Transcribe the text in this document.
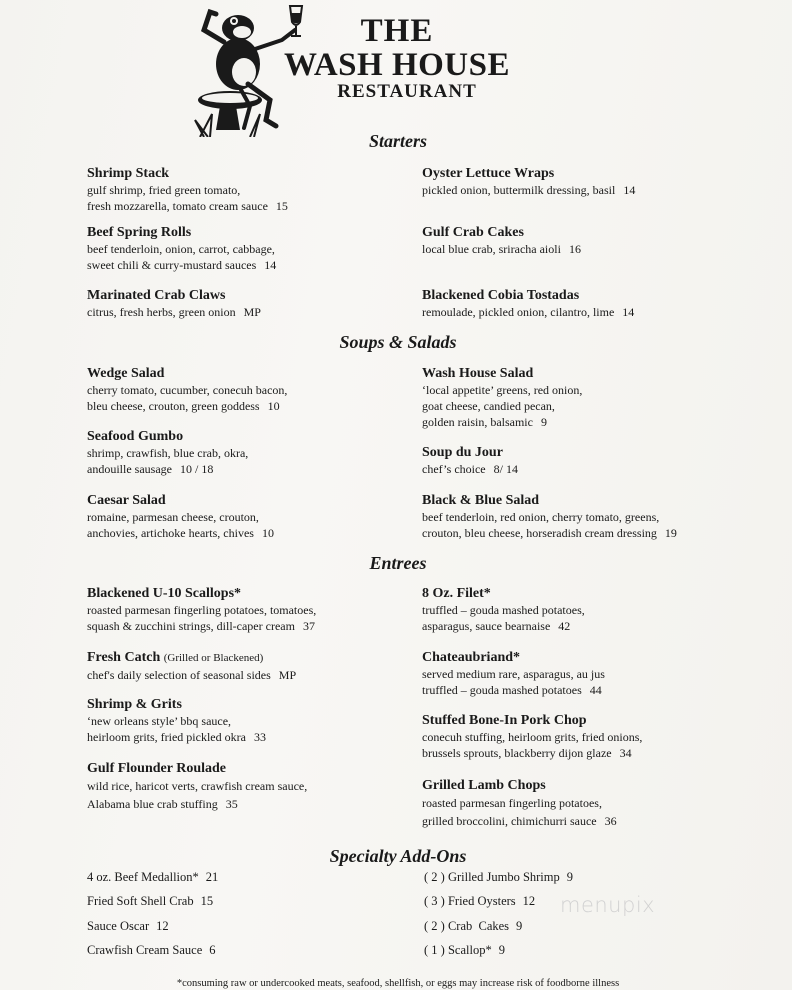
THE
WASH HOUSE
RESTAURANT
Starters
Shrimp Stack
gulf shrimp, fried green tomato,
fresh mozzarella, tomato cream sauce 15
Oyster Lettuce Wraps
pickled onion, buttermilk dressing, basil 14
Beef Spring Rolls
beef tenderloin, onion, carrot, cabbage,
sweet chili & curry-mustard sauces 14
Gulf Crab Cakes
local blue crab, sriracha aioli 16
Marinated Crab Claws
citrus, fresh herbs, green onion MP
Blackened Cobia Tostadas
remoulade, pickled onion, cilantro, lime 14
Soups & Salads
Wedge Salad
cherry tomato, cucumber, conecuh bacon,
bleu cheese, crouton, green goddess 10
Wash House Salad
‘local appetite’ greens, red onion,
goat cheese, candied pecan,
golden raisin, balsamic 9
Seafood Gumbo
shrimp, crawfish, blue crab, okra,
andouille sausage 10 / 18
Soup du Jour
chef’s choice 8/ 14
Caesar Salad
romaine, parmesan cheese, crouton,
anchovies, artichoke hearts, chives 10
Black & Blue Salad
beef tenderloin, red onion, cherry tomato, greens,
crouton, bleu cheese, horseradish cream dressing 19
Entrees
Blackened U-10 Scallops*
roasted parmesan fingerling potatoes, tomatoes,
squash & zucchini strings, dill-caper cream 37
8 Oz. Filet*
truffled – gouda mashed potatoes,
asparagus, sauce bearnaise 42
Fresh Catch (Grilled or Blackened)
chef's daily selection of seasonal sides MP
Chateaubriand*
served medium rare, asparagus, au jus
truffled – gouda mashed potatoes 44
Shrimp & Grits
‘new orleans style’ bbq sauce,
heirloom grits, fried pickled okra 33
Stuffed Bone-In Pork Chop
conecuh stuffing, heirloom grits, fried onions,
brussels sprouts, blackberry dijon glaze 34
Gulf Flounder Roulade
wild rice, haricot verts, crawfish cream sauce,
Alabama blue crab stuffing 35
Grilled Lamb Chops
roasted parmesan fingerling potatoes,
grilled broccolini, chimichurri sauce 36
Specialty Add-Ons
4 oz. Beef Medallion* 21
Fried Soft Shell Crab 15
Sauce Oscar 12
Crawfish Cream Sauce 6
( 2 ) Grilled Jumbo Shrimp 9
( 3 ) Fried Oysters 12
( 2 ) Crab  Cakes 9
( 1 ) Scallop* 9
menupix
*consuming raw or undercooked meats, seafood, shellfish, or eggs may increase risk of foodborne illness
